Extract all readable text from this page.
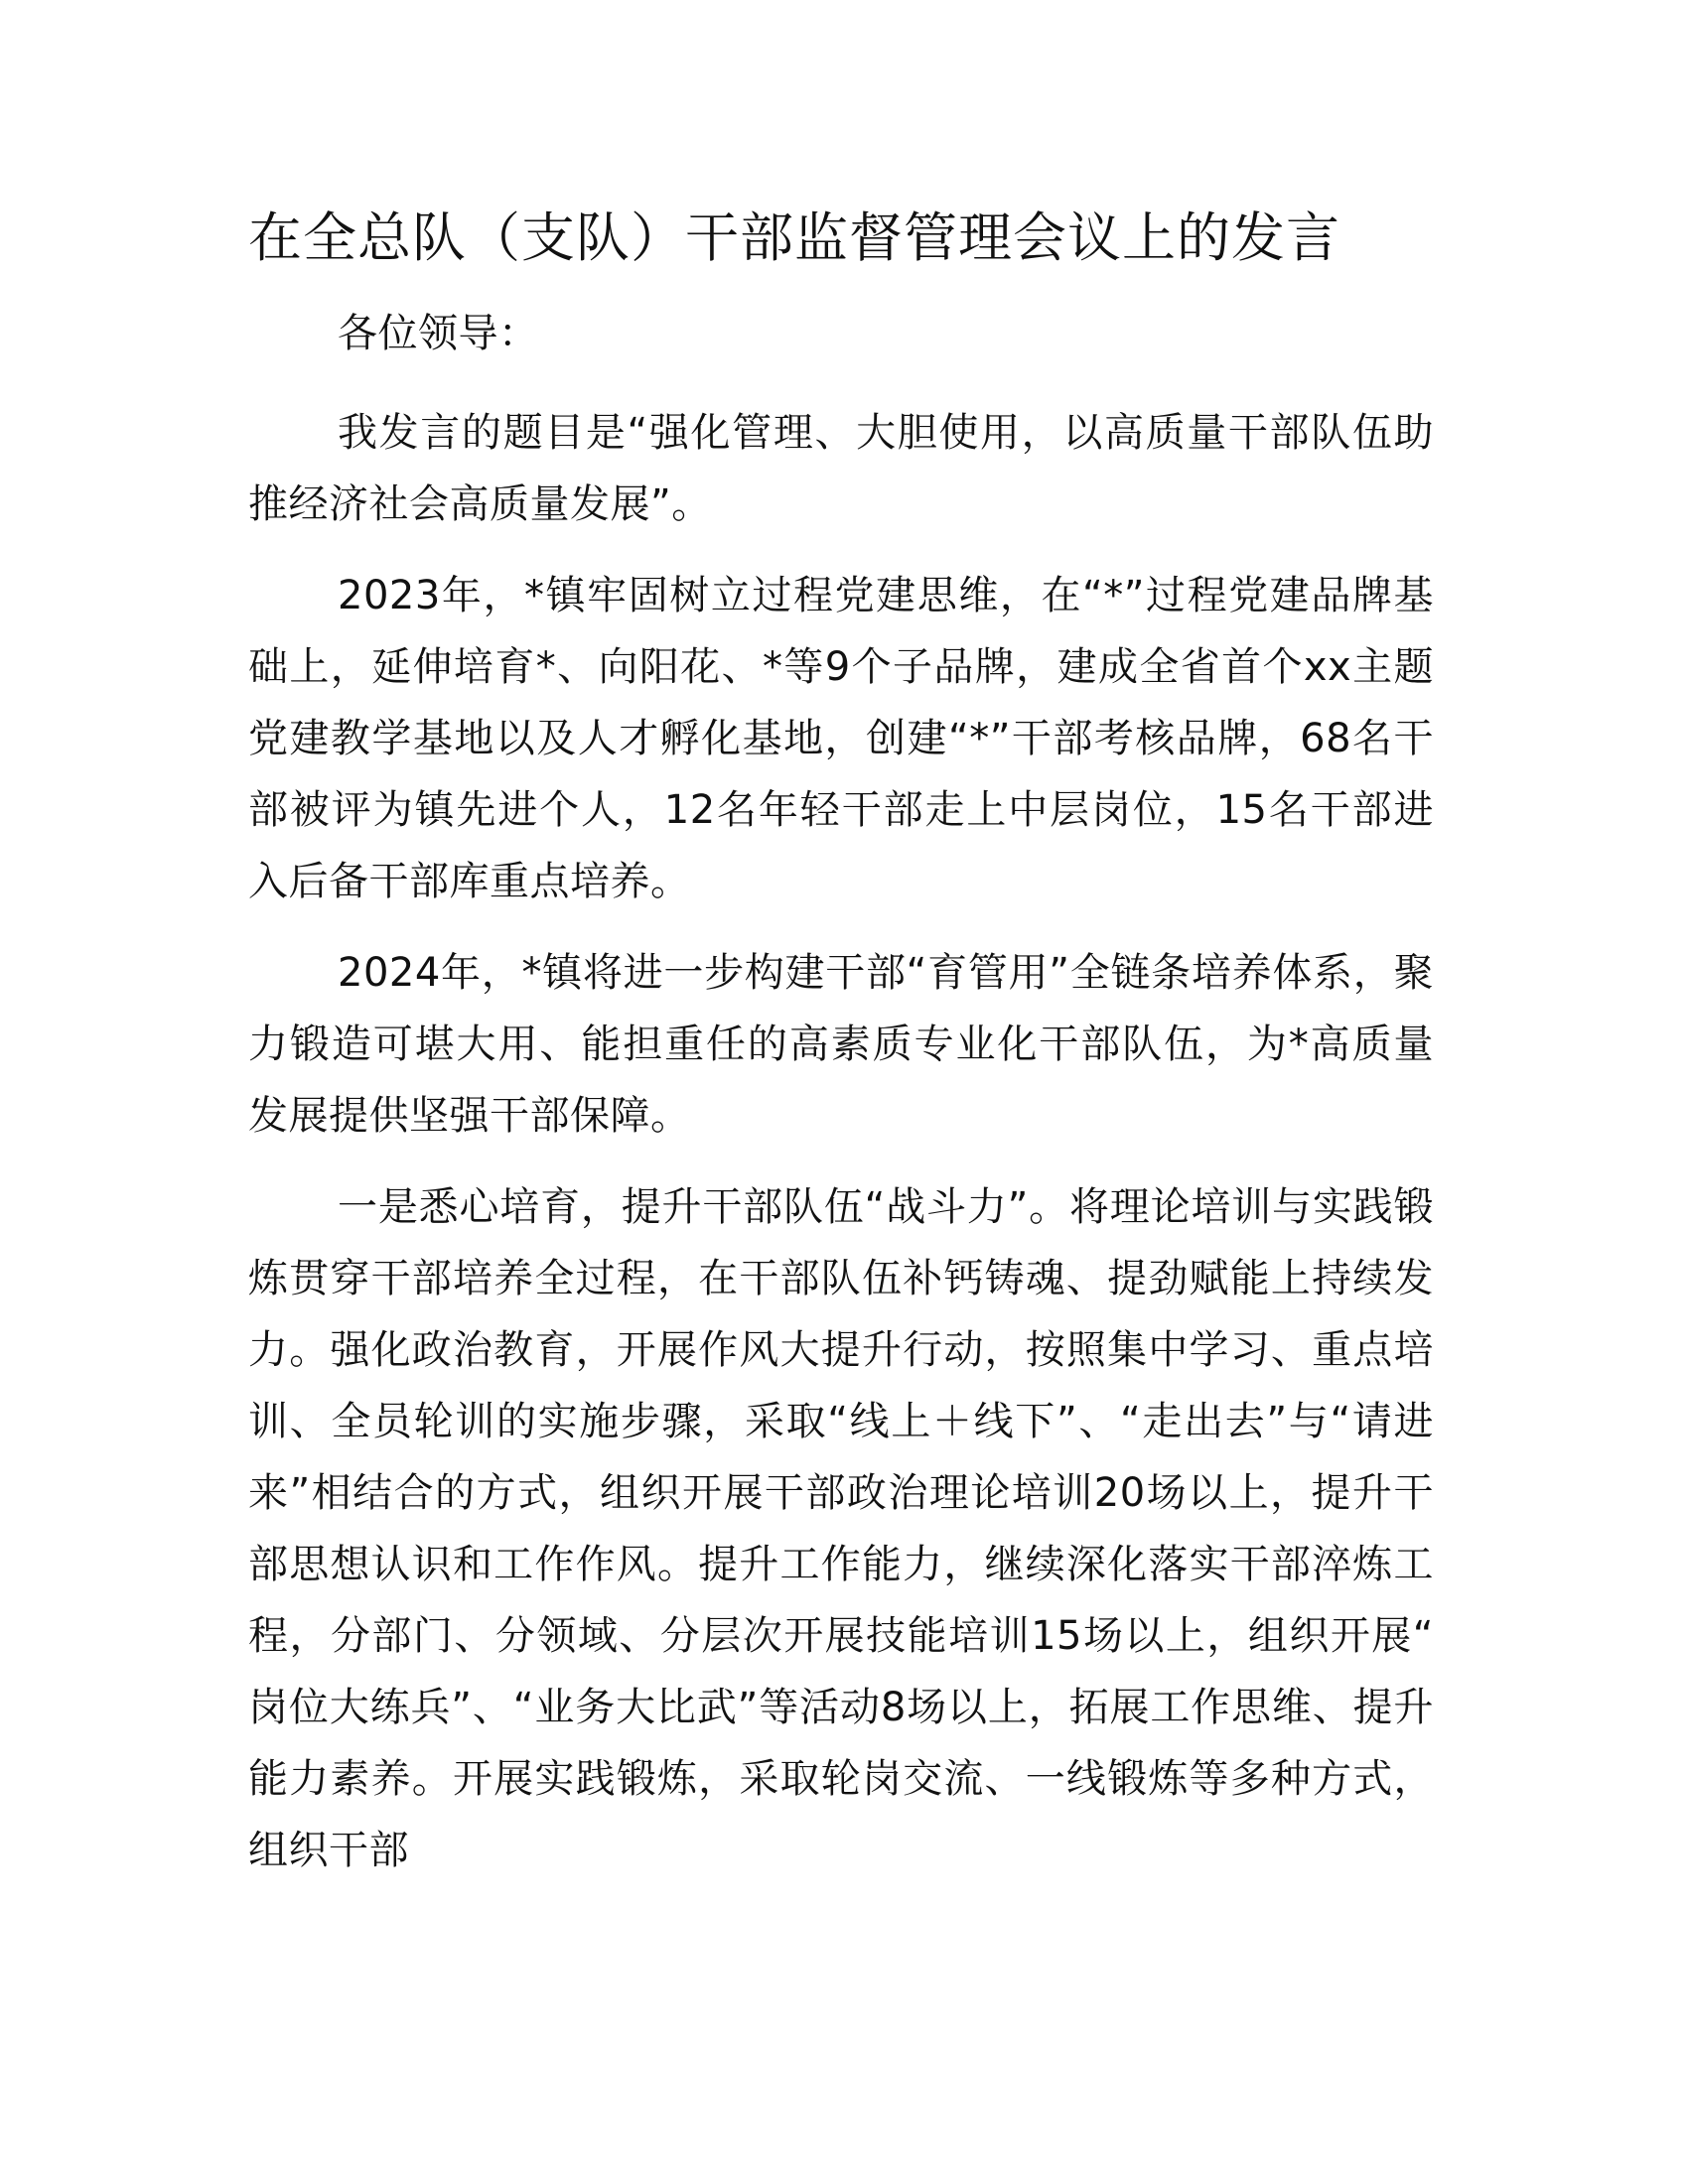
在全总队（支队）干部监督管理会议上的发言

各位领导：

我发言的题目是“强化管理、大胆使用，以高质量干部队伍助推经济社会高质量发展”。

2023年，*镇牢固树立过程党建思维，在“*”过程党建品牌基础上，延伸培育*、向阳花、*等9个子品牌，建成全省首个xx主题党建教学基地以及人才孵化基地，创建“*”干部考核品牌，68名干部被评为镇先进个人，12名年轻干部走上中层岗位，15名干部进入后备干部库重点培养。

2024年，*镇将进一步构建干部“育管用”全链条培养体系，聚力锻造可堪大用、能担重任的高素质专业化干部队伍，为*高质量发展提供坚强干部保障。

一是悉心培育，提升干部队伍“战斗力”。将理论培训与实践锻炼贯穿干部培养全过程，在干部队伍补钙铸魂、提劲赋能上持续发力。强化政治教育，开展作风大提升行动，按照集中学习、重点培训、全员轮训的实施步骤，采取“线上＋线下”、“走出去”与“请进来”相结合的方式，组织开展干部政治理论培训20场以上，提升干部思想认识和工作作风。提升工作能力，继续深化落实干部淬炼工程，分部门、分领域、分层次开展技能培训15场以上，组织开展“岗位大练兵”、“业务大比武”等活动8场以上，拓展工作思维、提升能力素养。开展实践锻炼，采取轮岗交流、一线锻炼等多种方式，组织干部
